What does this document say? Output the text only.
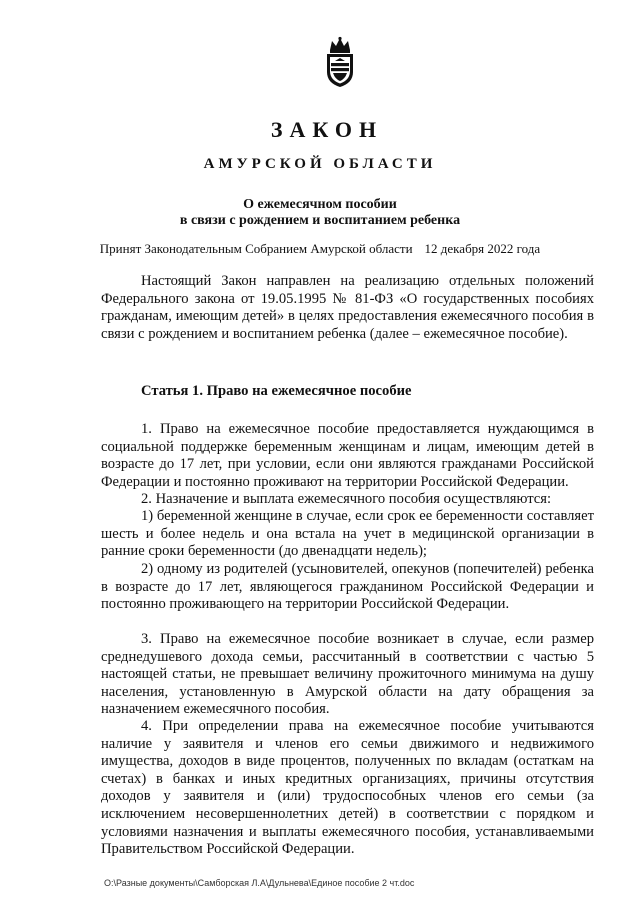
ЗАКОН
АМУРСКОЙ ОБЛАСТИ
О ежемесячном пособии
в связи с рождением и воспитанием ребенка
Принят Законодательным Собранием Амурской области 12 декабря 2022 года
Настоящий Закон направлен на реализацию отдельных положений Федерального закона от 19.05.1995 № 81-ФЗ «О государственных пособиях гражданам, имеющим детей» в целях предоставления ежемесячного пособия в связи с рождением и воспитанием ребенка (далее – ежемесячное пособие).
Статья 1. Право на ежемесячное пособие
1. Право на ежемесячное пособие предоставляется нуждающимся в социальной поддержке беременным женщинам и лицам, имеющим детей в возрасте до 17 лет, при условии, если они являются гражданами Российской Федерации и постоянно проживают на территории Российской Федерации.
2. Назначение и выплата ежемесячного пособия осуществляются:
1) беременной женщине в случае, если срок ее беременности составляет шесть и более недель и она встала на учет в медицинской организации в ранние сроки беременности (до двенадцати недель);
2) одному из родителей (усыновителей, опекунов (попечителей) ребенка в возрасте до 17 лет, являющегося гражданином Российской Федерации и постоянно проживающего на территории Российской Федерации.
3. Право на ежемесячное пособие возникает в случае, если размер среднедушевого дохода семьи, рассчитанный в соответствии с частью 5 настоящей статьи, не превышает величину прожиточного минимума на душу населения, установленную в Амурской области на дату обращения за назначением ежемесячного пособия.
4. При определении права на ежемесячное пособие учитываются наличие у заявителя и членов его семьи движимого и недвижимого имущества, доходов в виде процентов, полученных по вкладам (остаткам на счетах) в банках и иных кредитных организациях, причины отсутствия доходов у заявителя и (или) трудоспособных членов его семьи (за исключением несовершеннолетних детей) в соответствии с порядком и условиями назначения и выплаты ежемесячного пособия, устанавливаемыми Правительством Российской Федерации.
O:\Разные документы\Самборская Л.А\Дульнева\Единое пособие 2 чт.doc
